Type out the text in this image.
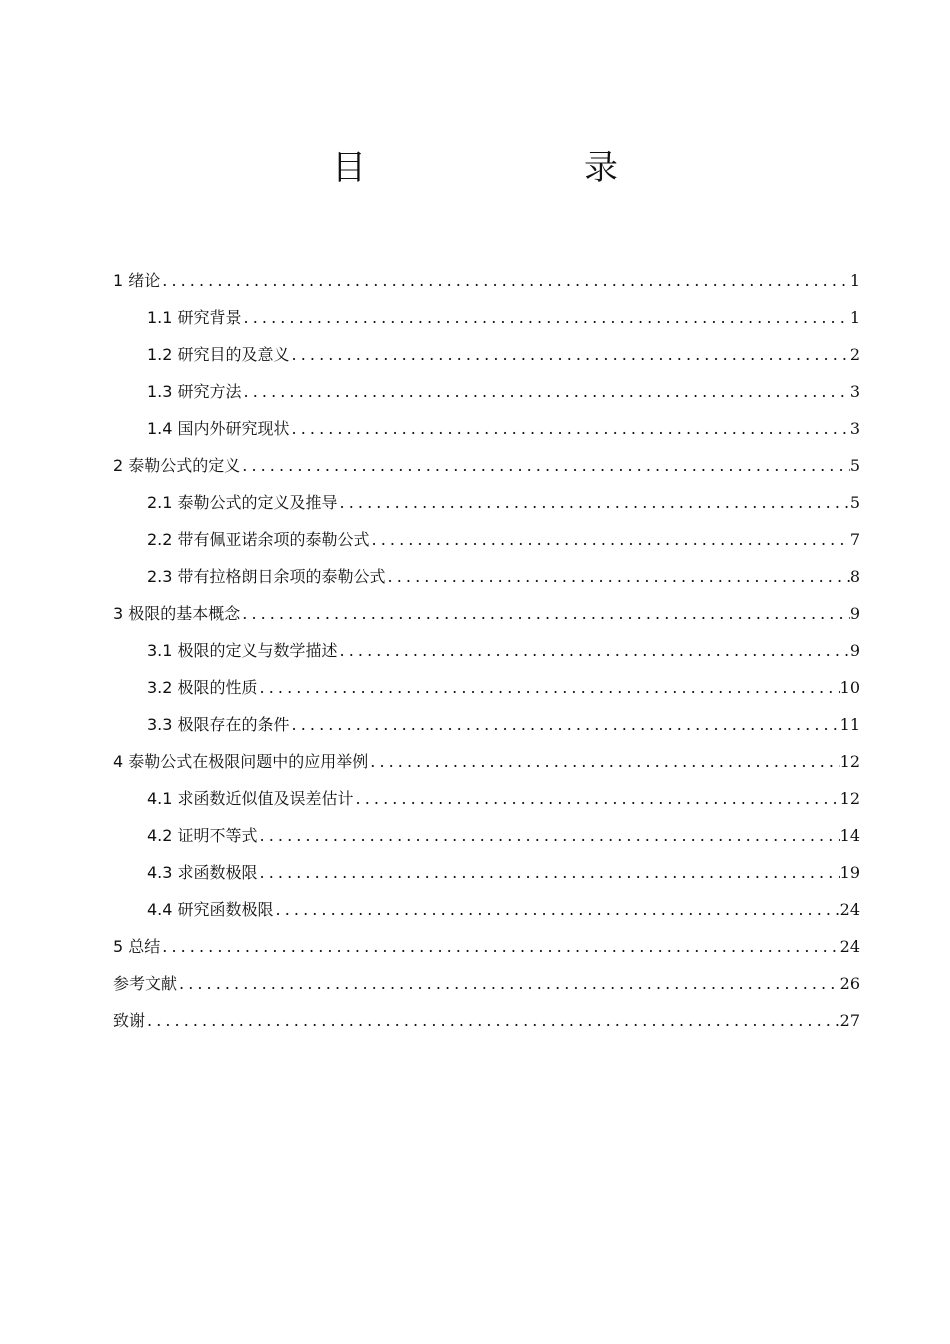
目　　录
1 绪论 . . .	1
1.1 研究背景 . . .	1
1.2 研究目的及意义 . . .	2
1.3 研究方法 . . .	3
1.4 国内外研究现状 . . .	3
2 泰勒公式的定义 . . .	5
2.1 泰勒公式的定义及推导 . . .	5
2.2 带有佩亚诺余项的泰勒公式 . . .	7
2.3 带有拉格朗日余项的泰勒公式 . . .	8
3 极限的基本概念 . . .	9
3.1 极限的定义与数学描述 . . .	9
3.2 极限的性质 . . .	10
3.3 极限存在的条件 . . .	11
4 泰勒公式在极限问题中的应用举例 . . .	12
4.1 求函数近似值及误差估计 . . .	12
4.2 证明不等式 . . .	14
4.3 求函数极限 . . .	19
4.4 研究函数极限 . . .	24
5 总结 . . .	24
参考文献 . . .	26
致谢 . . .	27
